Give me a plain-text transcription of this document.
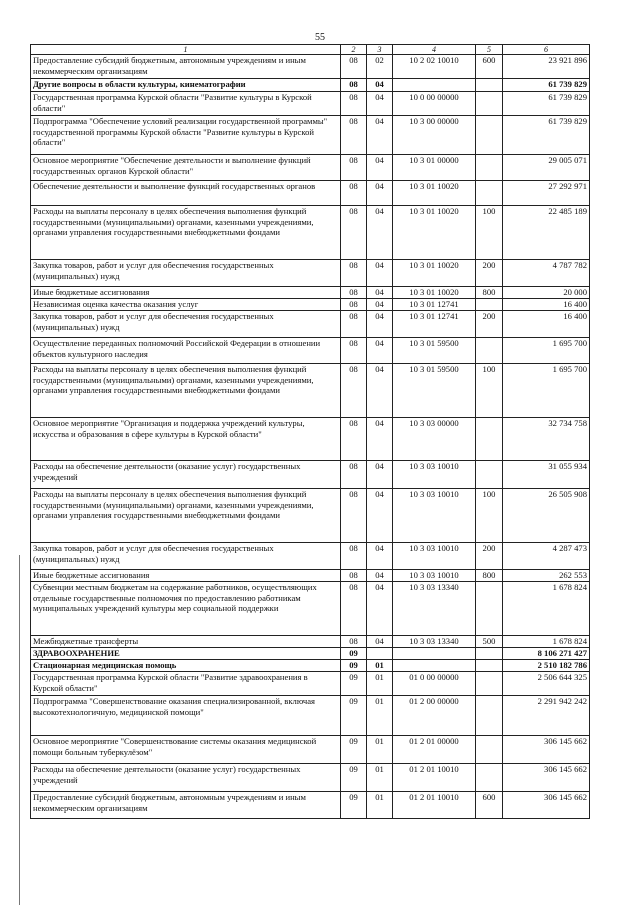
55
1	2	3	4	5	6
Предоставление субсидий бюджетным, автономным учреждениям и иным некоммерческим организациям	08	02	10 2 02 10010	600	23 921 896
Другие вопросы в области культуры, кинематографии	08	04			61 739 829
Государственная программа Курской области "Развитие культуры в Курской области"	08	04	10 0 00 00000		61 739 829
Подпрограмма "Обеспечение условий реализации государственной программы" государственной программы Курской области "Развитие культуры в Курской области"	08	04	10 3 00 00000		61 739 829
Основное мероприятие "Обеспечение деятельности и выполнение функций государственных органов Курской области"	08	04	10 3 01 00000		29 005 071
Обеспечение деятельности и выполнение функций государственных органов	08	04	10 3 01 10020		27 292 971
Расходы на выплаты персоналу в целях обеспечения выполнения функций государственными (муниципальными) органами, казенными учреждениями, органами управления государственными внебюджетными фондами	08	04	10 3 01 10020	100	22 485 189
Закупка товаров, работ и услуг для обеспечения государственных (муниципальных) нужд	08	04	10 3 01 10020	200	4 787 782
Иные бюджетные ассигнования	08	04	10 3 01 10020	800	20 000
Независимая оценка качества оказания услуг	08	04	10 3 01 12741		16 400
Закупка товаров, работ и услуг для обеспечения государственных (муниципальных) нужд	08	04	10 3 01 12741	200	16 400
Осуществление переданных полномочий Российской Федерации в отношении объектов культурного наследия	08	04	10 3 01 59500		1 695 700
Расходы на выплаты персоналу в целях обеспечения выполнения функций государственными (муниципальными) органами, казенными учреждениями, органами управления государственными внебюджетными фондами	08	04	10 3 01 59500	100	1 695 700
Основное мероприятие "Организация и поддержка учреждений культуры, искусства и образования в сфере культуры в Курской области"	08	04	10 3 03 00000		32 734 758
Расходы на обеспечение деятельности (оказание услуг) государственных учреждений	08	04	10 3 03 10010		31 055 934
Расходы на выплаты персоналу в целях обеспечения выполнения функций государственными (муниципальными) органами, казенными учреждениями, органами управления государственными внебюджетными фондами	08	04	10 3 03 10010	100	26 505 908
Закупка товаров, работ и услуг для обеспечения государственных (муниципальных) нужд	08	04	10 3 03 10010	200	4 287 473
Иные бюджетные ассигнования	08	04	10 3 03 10010	800	262 553
Субвенции местным бюджетам на содержание работников, осуществляющих отдельные государственные полномочия по предоставлению работникам муниципальных учреждений культуры мер социальной поддержки	08	04	10 3 03 13340		1 678 824
Межбюджетные трансферты	08	04	10 3 03 13340	500	1 678 824
ЗДРАВООХРАНЕНИЕ	09				8 106 271 427
Стационарная медицинская помощь	09	01			2 510 182 786
Государственная программа Курской области "Развитие здравоохранения в Курской области"	09	01	01 0 00 00000		2 506 644 325
Подпрограмма "Совершенствование оказания специализированной, включая высокотехнологичную, медицинской помощи"	09	01	01 2 00 00000		2 291 942 242
Основное мероприятие "Совершенствование системы оказания медицинской помощи больным туберкулёзом"	09	01	01 2 01 00000		306 145 662
Расходы на обеспечение деятельности (оказание услуг) государственных учреждений	09	01	01 2 01 10010		306 145 662
Предоставление субсидий бюджетным, автономным учреждениям и иным некоммерческим организациям	09	01	01 2 01 10010	600	306 145 662
